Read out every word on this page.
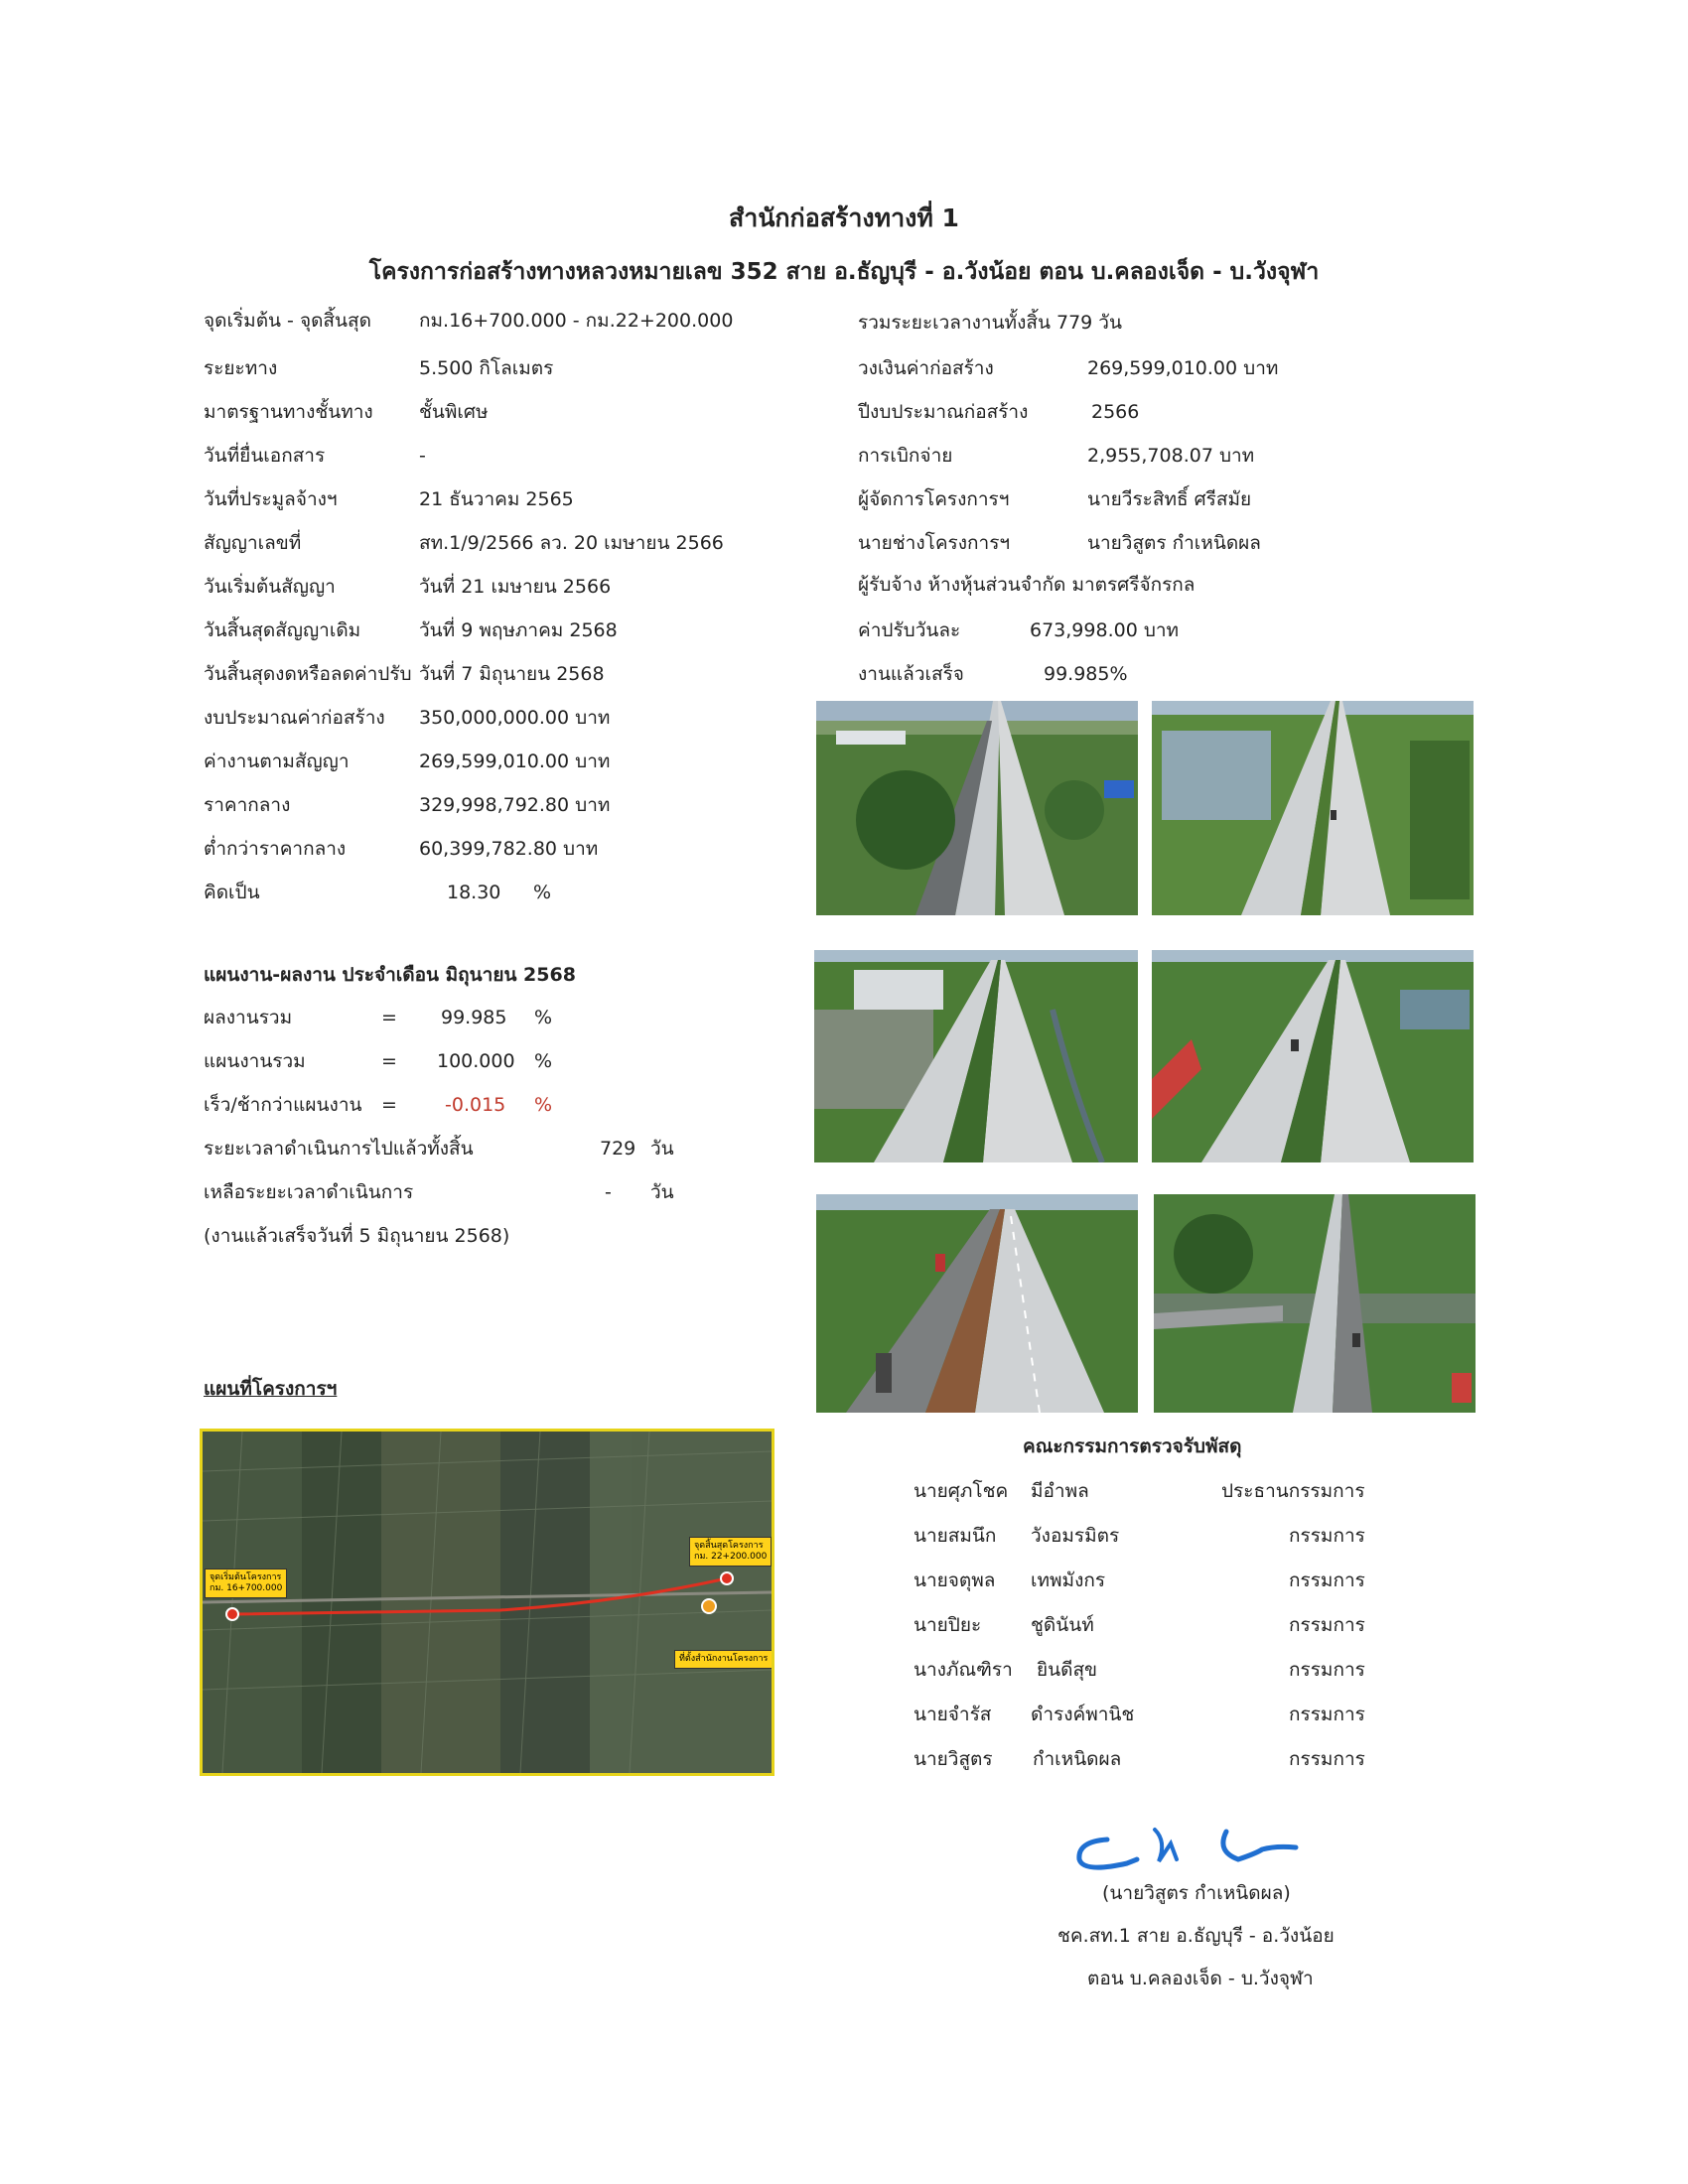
สำนักก่อสร้างทางที่ 1
โครงการก่อสร้างทางหลวงหมายเลข 352 สาย อ.ธัญบุรี - อ.วังน้อย ตอน บ.คลองเจ็ด - บ.วังจุฬา
จุดเริ่มต้น - จุดสิ้นสุด	กม.16+700.000 - กม.22+200.000
ระยะทาง	5.500 กิโลเมตร
มาตรฐานทางชั้นทาง ชั้นพิเศษ
วันที่ยื่นเอกสาร	-
วันที่ประมูลจ้างฯ	21 ธันวาคม 2565
สัญญาเลขที่	สท.1/9/2566 ลว. 20 เมษายน 2566
วันเริ่มต้นสัญญา	วันที่ 21 เมษายน 2566
วันสิ้นสุดสัญญาเดิม	วันที่ 9 พฤษภาคม 2568
วันสิ้นสุดงดหรือลดค่าปรับ วันที่ 7 มิถุนายน 2568
งบประมาณค่าก่อสร้าง 350,000,000.00 บาท
ค่างานตามสัญญา	269,599,010.00 บาท
ราคากลาง	329,998,792.80 บาท
ต่ำกว่าราคากลาง	60,399,782.80 บาท
คิดเป็น	18.30 %
รวมระยะเวลางานทั้งสิ้น 779 วัน
วงเงินค่าก่อสร้าง	269,599,010.00 บาท
ปีงบประมาณก่อสร้าง	2566
การเบิกจ่าย	2,955,708.07 บาท
ผู้จัดการโครงการฯ	นายวีระสิทธิ์ ศรีสมัย
นายช่างโครงการฯ	นายวิสูตร กำเหนิดผล
ผู้รับจ้าง ห้างหุ้นส่วนจำกัด มาตรศรีจักรกล
ค่าปรับวันละ	673,998.00 บาท
งานแล้วเสร็จ	99.985%
แผนงาน-ผลงาน ประจำเดือน มิถุนายน 2568
ผลงานรวม	= 99.985 %
แผนงานรวม	= 100.000 %
เร็ว/ช้ากว่าแผนงาน =	-0.015 %
ระยะเวลาดำเนินการไปแล้วทั้งสิ้น	729 วัน
เหลือระยะเวลาดำเนินการ	- วัน
(งานแล้วเสร็จวันที่ 5 มิถุนายน 2568)
แผนที่โครงการฯ
จุดเริ่มต้นโครงการ
กม. 16+700.000
จุดสิ้นสุดโครงการ
กม. 22+200.000
ที่ตั้งสำนักงานโครงการ
คณะกรรมการตรวจรับพัสดุ
นายศุภโชค มีอำพล	ประธานกรรมการ
นายสมนึก วังอมรมิตร	กรรมการ
นายจตุพล เทพมังกร	กรรมการ
นายปิยะ	ชูดินันท์	กรรมการ
นางภัณฑิรา ยินดีสุข	กรรมการ
นายจำรัส ดำรงค์พานิช	กรรมการ
นายวิสูตร กำเหนิดผล	กรรมการ
(นายวิสูตร กำเหนิดผล)
ชค.สท.1 สาย อ.ธัญบุรี - อ.วังน้อย
ตอน บ.คลองเจ็ด - บ.วังจุฬา
